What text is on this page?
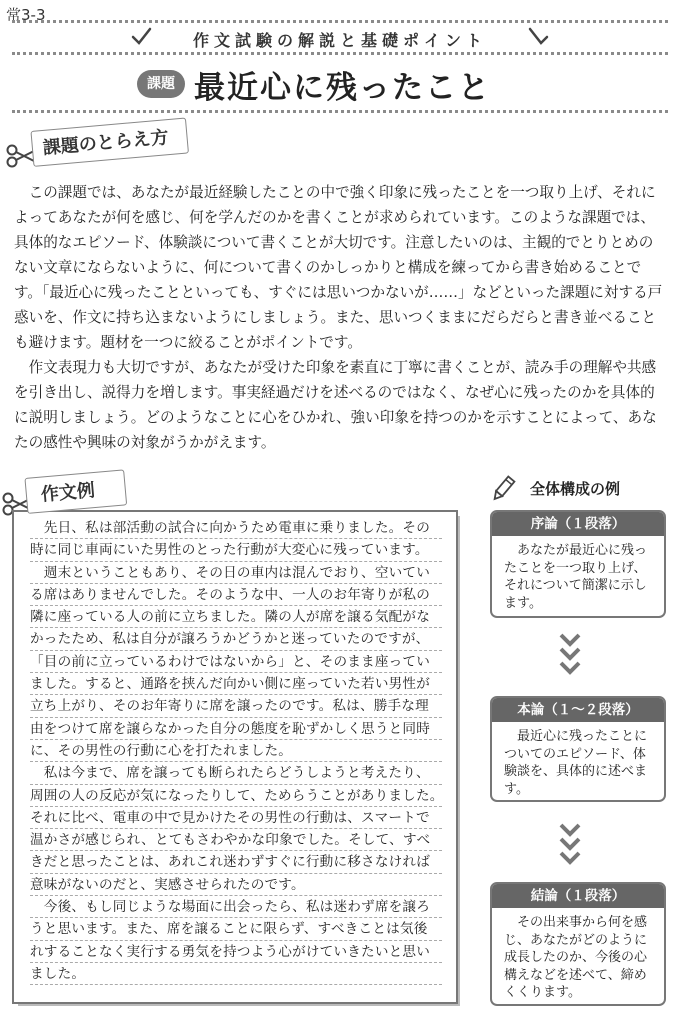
常3-3
作文試験の解説と基礎ポイント
課題 最近心に残ったこと
課題のとらえ方

この課題では、あなたが最近経験したことの中で強く印象に残ったことを一つ取り上げ、それによってあなたが何を感じ、何を学んだのかを書くことが求められています。このような課題では、具体的なエピソード、体験談について書くことが大切です。注意したいのは、主観的でとりとめのない文章にならないように、何について書くのかしっかりと構成を練ってから書き始めることです。「最近心に残ったことといっても、すぐには思いつかないが……」などといった課題に対する戸惑いを、作文に持ち込まないようにしましょう。また、思いつくままにだらだらと書き並べることも避けます。題材を一つに絞ることがポイントです。

作文表現力も大切ですが、あなたが受けた印象を素直に丁寧に書くことが、読み手の理解や共感を引き出し、説得力を増します。事実経過だけを述べるのではなく、なぜ心に残ったのかを具体的に説明しましょう。どのようなことに心をひかれ、強い印象を持つのかを示すことによって、あなたの感性や興味の対象がうかがえます。

作文例
　先日、私は部活動の試合に向かうため電車に乗りました。その
時に同じ車両にいた男性のとった行動が大変心に残っています。
　週末ということもあり、その日の車内は混んでおり、空いてい
る席はありませんでした。そのような中、一人のお年寄りが私の
隣に座っている人の前に立ちました。隣の人が席を譲る気配がな
かったため、私は自分が譲ろうかどうかと迷っていたのですが、
「目の前に立っているわけではないから」と、そのまま座ってい
ました。すると、通路を挟んだ向かい側に座っていた若い男性が
立ち上がり、そのお年寄りに席を譲ったのです。私は、勝手な理
由をつけて席を譲らなかった自分の態度を恥ずかしく思うと同時
に、その男性の行動に心を打たれました。
　私は今まで、席を譲っても断られたらどうしようと考えたり、
周囲の人の反応が気になったりして、ためらうことがありました。
それに比べ、電車の中で見かけたその男性の行動は、スマートで
温かさが感じられ、とてもさわやかな印象でした。そして、すべ
きだと思ったことは、あれこれ迷わずすぐに行動に移さなければ
意味がないのだと、実感させられたのです。
　今後、もし同じような場面に出会ったら、私は迷わず席を譲ろ
うと思います。また、席を譲ることに限らず、すべきことは気後
れすることなく実行する勇気を持つよう心がけていきたいと思い
ました。
全体構成の例
序論（１段落）
あなたが最近心に残ったことを一つ取り上げ、それについて簡潔に示します。
本論（１～２段落）
最近心に残ったことについてのエピソード、体験談を、具体的に述べます。
結論（１段落）
その出来事から何を感じ、あなたがどのように成長したのか、今後の心構えなどを述べて、締めくくります。
